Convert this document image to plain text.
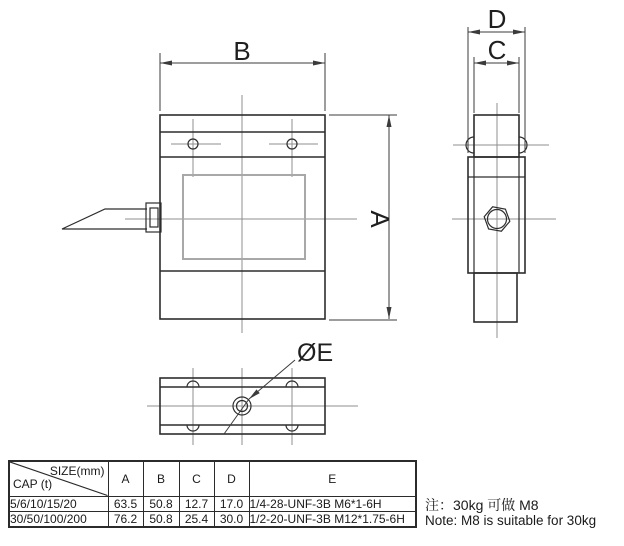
B
A
D
C
ØE
SIZE(mm)
CAP (t)	A	B	C	D	E
5/6/10/15/20	63.5	50.8	12.7	17.0	1/4-28-UNF-3B M6*1-6H
30/50/100/200	76.2	50.8	25.4	30.0	1/2-20-UNF-3B M12*1.75-6H
注：30kg 可做 M8
Note: M8 is suitable for 30kg
